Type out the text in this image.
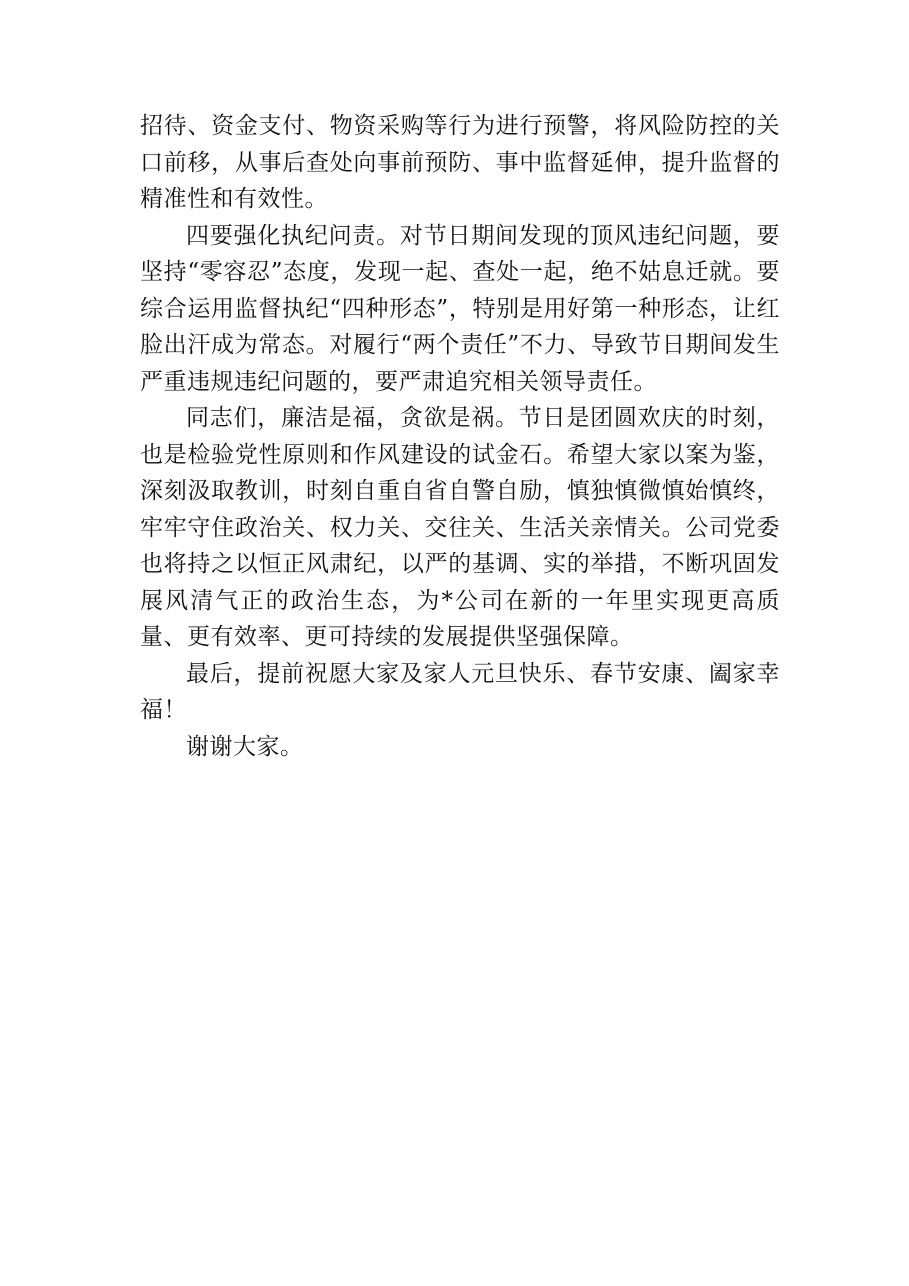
招待、资金支付、物资采购等行为进行预警，将风险防控的关口前移，从事后查处向事前预防、事中监督延伸，提升监督的精准性和有效性。

四要强化执纪问责。对节日期间发现的顶风违纪问题，要坚持“零容忍”态度，发现一起、查处一起，绝不姑息迁就。要综合运用监督执纪“四种形态”，特别是用好第一种形态，让红脸出汗成为常态。对履行“两个责任”不力、导致节日期间发生严重违规违纪问题的，要严肃追究相关领导责任。

同志们，廉洁是福，贪欲是祸。节日是团圆欢庆的时刻，也是检验党性原则和作风建设的试金石。希望大家以案为鉴，深刻汲取教训，时刻自重自省自警自励，慎独慎微慎始慎终，牢牢守住政治关、权力关、交往关、生活关亲情关。公司党委也将持之以恒正风肃纪，以严的基调、实的举措，不断巩固发展风清气正的政治生态，为*公司在新的一年里实现更高质量、更有效率、更可持续的发展提供坚强保障。

最后，提前祝愿大家及家人元旦快乐、春节安康、阖家幸福！

谢谢大家。
